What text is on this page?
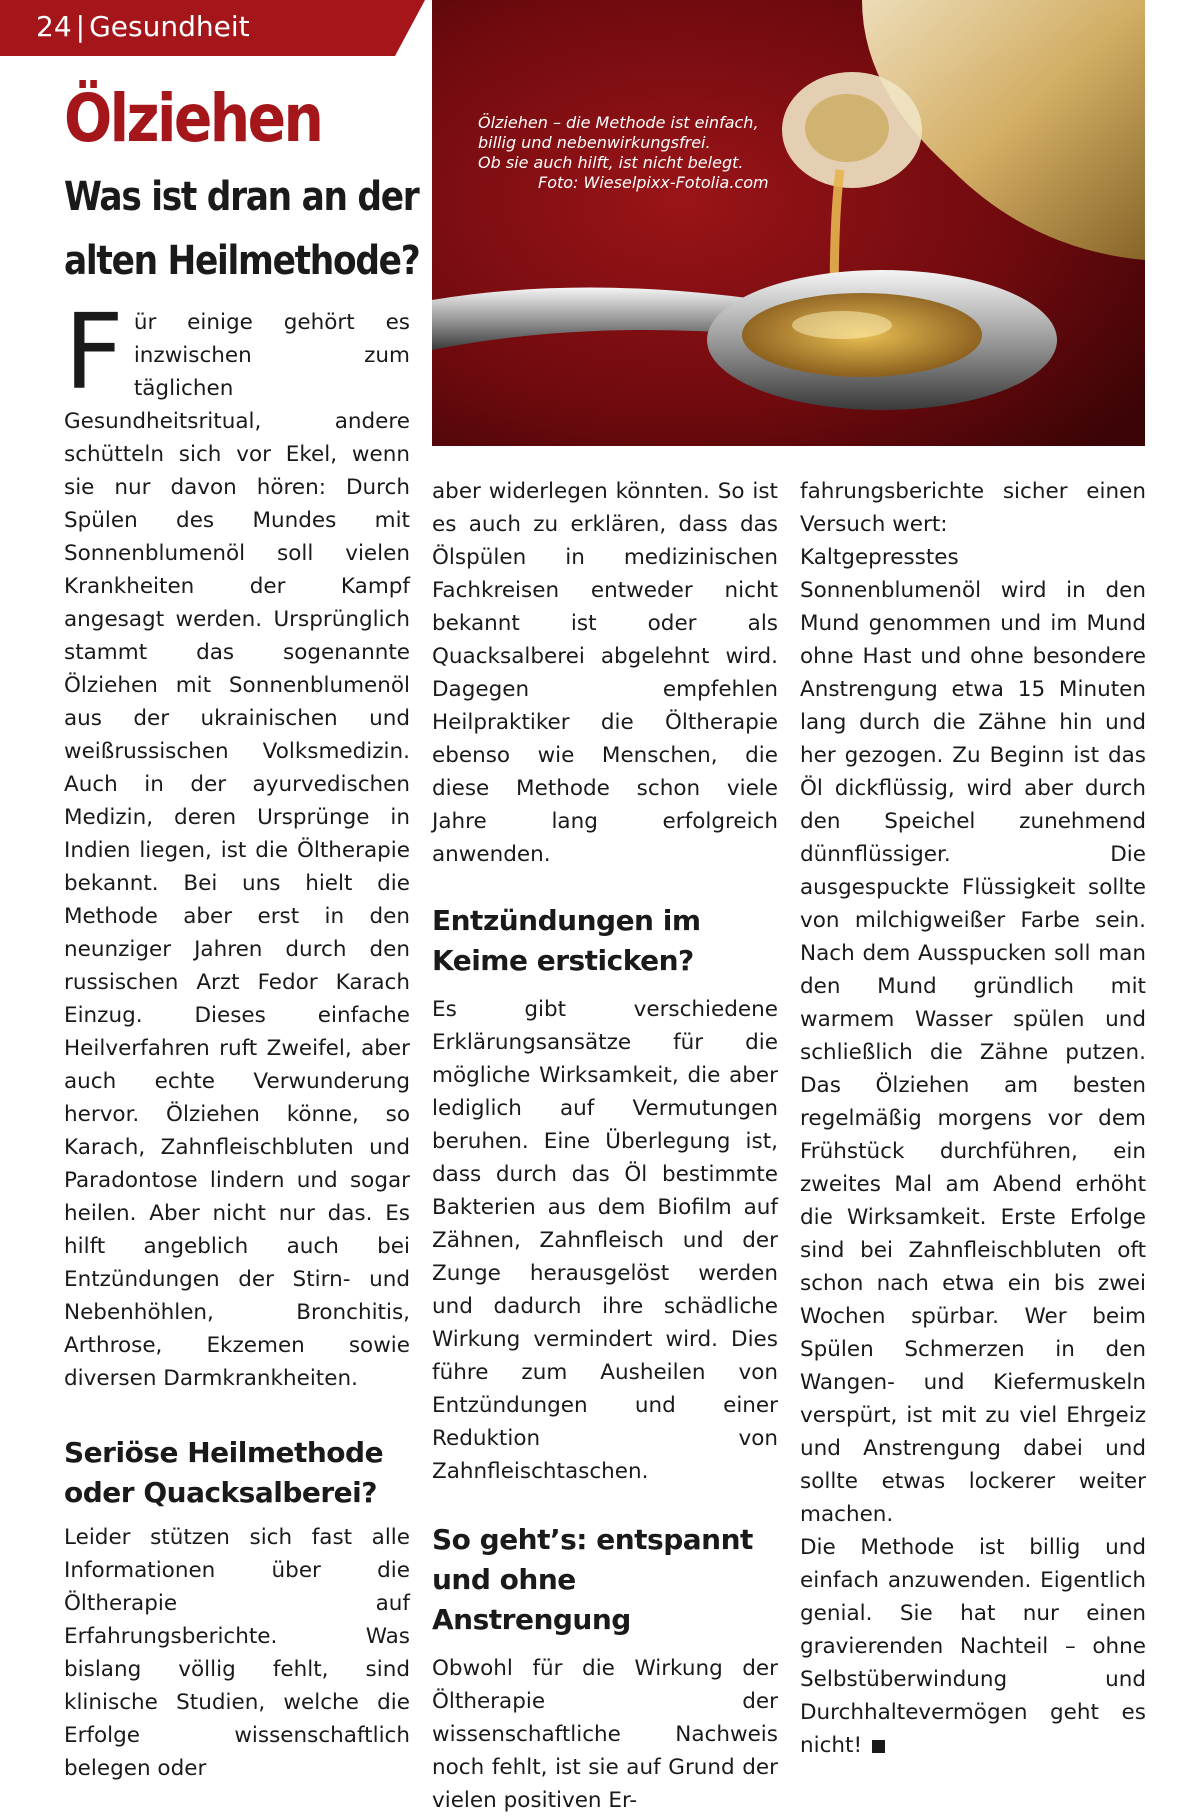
24 | Gesundheit
Ölziehen
Was ist dran an der alten Heilmethode?
Ölziehen – die Methode ist einfach,
billig und nebenwirkungsfrei.
Ob sie auch hilft, ist nicht belegt.
Foto: Wieselpixx-Fotolia.com

Für einige gehört es inzwischen zum täglichen Gesundheitsritual, andere schütteln sich vor Ekel, wenn sie nur davon hören: Durch Spülen des Mundes mit Sonnenblumenöl soll vielen Krankheiten der Kampf angesagt werden. Ursprünglich stammt das sogenannte Ölziehen mit Sonnenblumenöl aus der ukrainischen und weißrussischen Volksmedizin. Auch in der ayurvedischen Medizin, deren Ursprünge in Indien liegen, ist die Öltherapie bekannt. Bei uns hielt die Methode aber erst in den neunziger Jahren durch den russischen Arzt Fedor Karach Einzug. Dieses einfache Heilverfahren ruft Zweifel, aber auch echte Verwunderung hervor. Ölziehen könne, so Karach, Zahnfleischbluten und Paradontose lindern und sogar heilen. Aber nicht nur das. Es hilft angeblich auch bei Entzündungen der Stirn- und Nebenhöhlen, Bronchitis, Arthrose, Ekzemen sowie diversen Darmkrankheiten.

Seriöse Heilmethode oder Quacksalberei?

Leider stützen sich fast alle Informationen über die Öltherapie auf Erfahrungsberichte. Was bislang völlig fehlt, sind klinische Studien, welche die Erfolge wissenschaftlich belegen oder

aber widerlegen könnten. So ist es auch zu erklären, dass das Ölspülen in medizinischen Fachkreisen entweder nicht bekannt ist oder als Quacksalberei abgelehnt wird. Dagegen empfehlen Heilpraktiker die Öltherapie ebenso wie Menschen, die diese Methode schon viele Jahre lang erfolgreich anwenden.

Entzündungen im Keime ersticken?

Es gibt verschiedene Erklärungsansätze für die mögliche Wirksamkeit, die aber lediglich auf Vermutungen beruhen. Eine Überlegung ist, dass durch das Öl bestimmte Bakterien aus dem Biofilm auf Zähnen, Zahnfleisch und der Zunge herausgelöst werden und dadurch ihre schädliche Wirkung vermindert wird. Dies führe zum Ausheilen von Entzündungen und einer Reduktion von Zahnfleischtaschen.

So geht’s: entspannt und ohne Anstrengung

Obwohl für die Wirkung der Öltherapie der wissenschaftliche Nachweis noch fehlt, ist sie auf Grund der vielen positiven Er-

fahrungsberichte sicher einen Versuch wert:

Kaltgepresstes Sonnenblumenöl wird in den Mund genommen und im Mund ohne Hast und ohne besondere Anstrengung etwa 15 Minuten lang durch die Zähne hin und her gezogen. Zu Beginn ist das Öl dickflüssig, wird aber durch den Speichel zunehmend dünnflüssiger. Die ausgespuckte Flüssigkeit sollte von milchigweißer Farbe sein. Nach dem Ausspucken soll man den Mund gründlich mit warmem Wasser spülen und schließlich die Zähne putzen. Das Ölziehen am besten regelmäßig morgens vor dem Frühstück durchführen, ein zweites Mal am Abend erhöht die Wirksamkeit. Erste Erfolge sind bei Zahnfleischbluten oft schon nach etwa ein bis zwei Wochen spürbar. Wer beim Spülen Schmerzen in den Wangen- und Kiefermuskeln verspürt, ist mit zu viel Ehrgeiz und Anstrengung dabei und sollte etwas lockerer weiter machen.

Die Methode ist billig und einfach anzuwenden. Eigentlich genial. Sie hat nur einen gravierenden Nachteil – ohne Selbstüberwindung und Durchhaltevermögen geht es nicht!
